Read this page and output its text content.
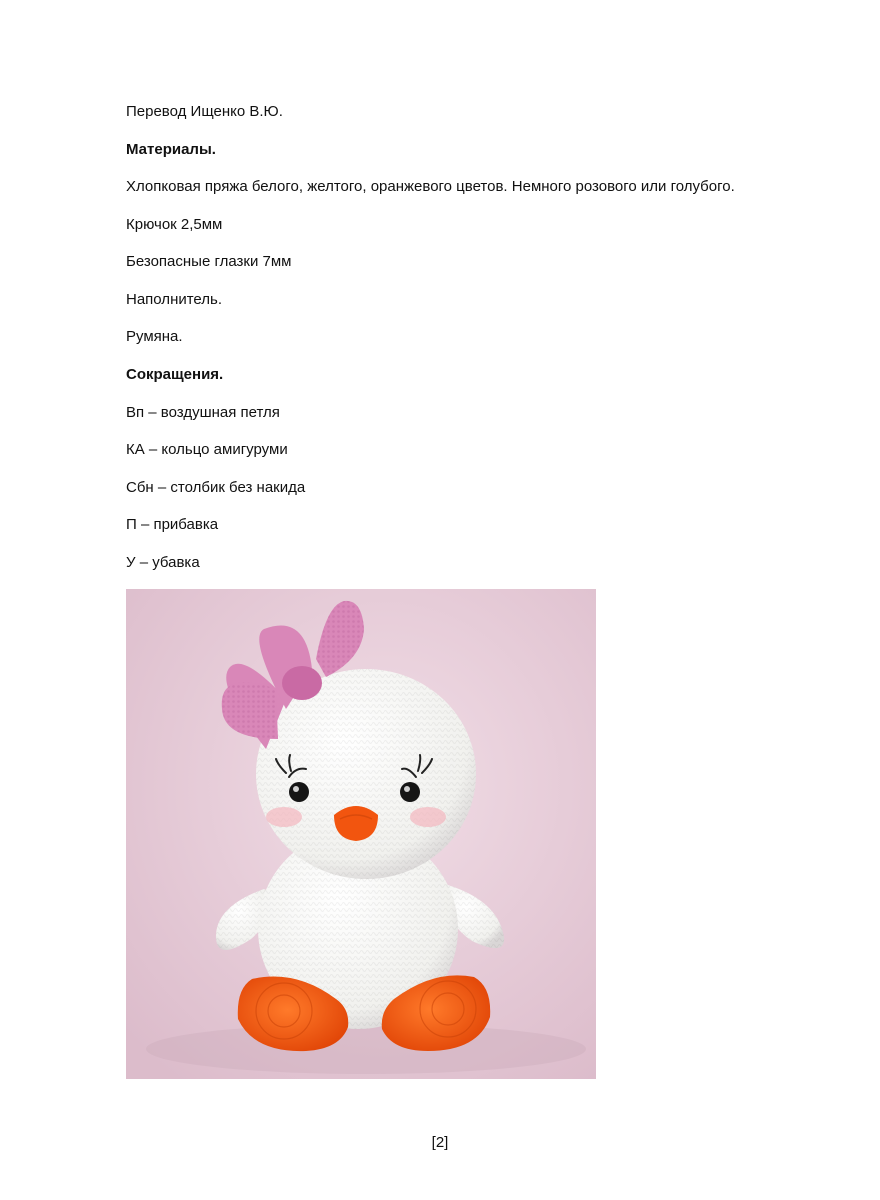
Перевод Ищенко В.Ю.
Материалы.
Хлопковая пряжа белого, желтого, оранжевого цветов. Немного розового или голубого.
Крючок 2,5мм
Безопасные глазки 7мм
Наполнитель.
Румяна.
Сокращения.
Вп – воздушная петля
КА – кольцо амигуруми
Сбн – столбик без накида
П – прибавка
У – убавка
[2]
